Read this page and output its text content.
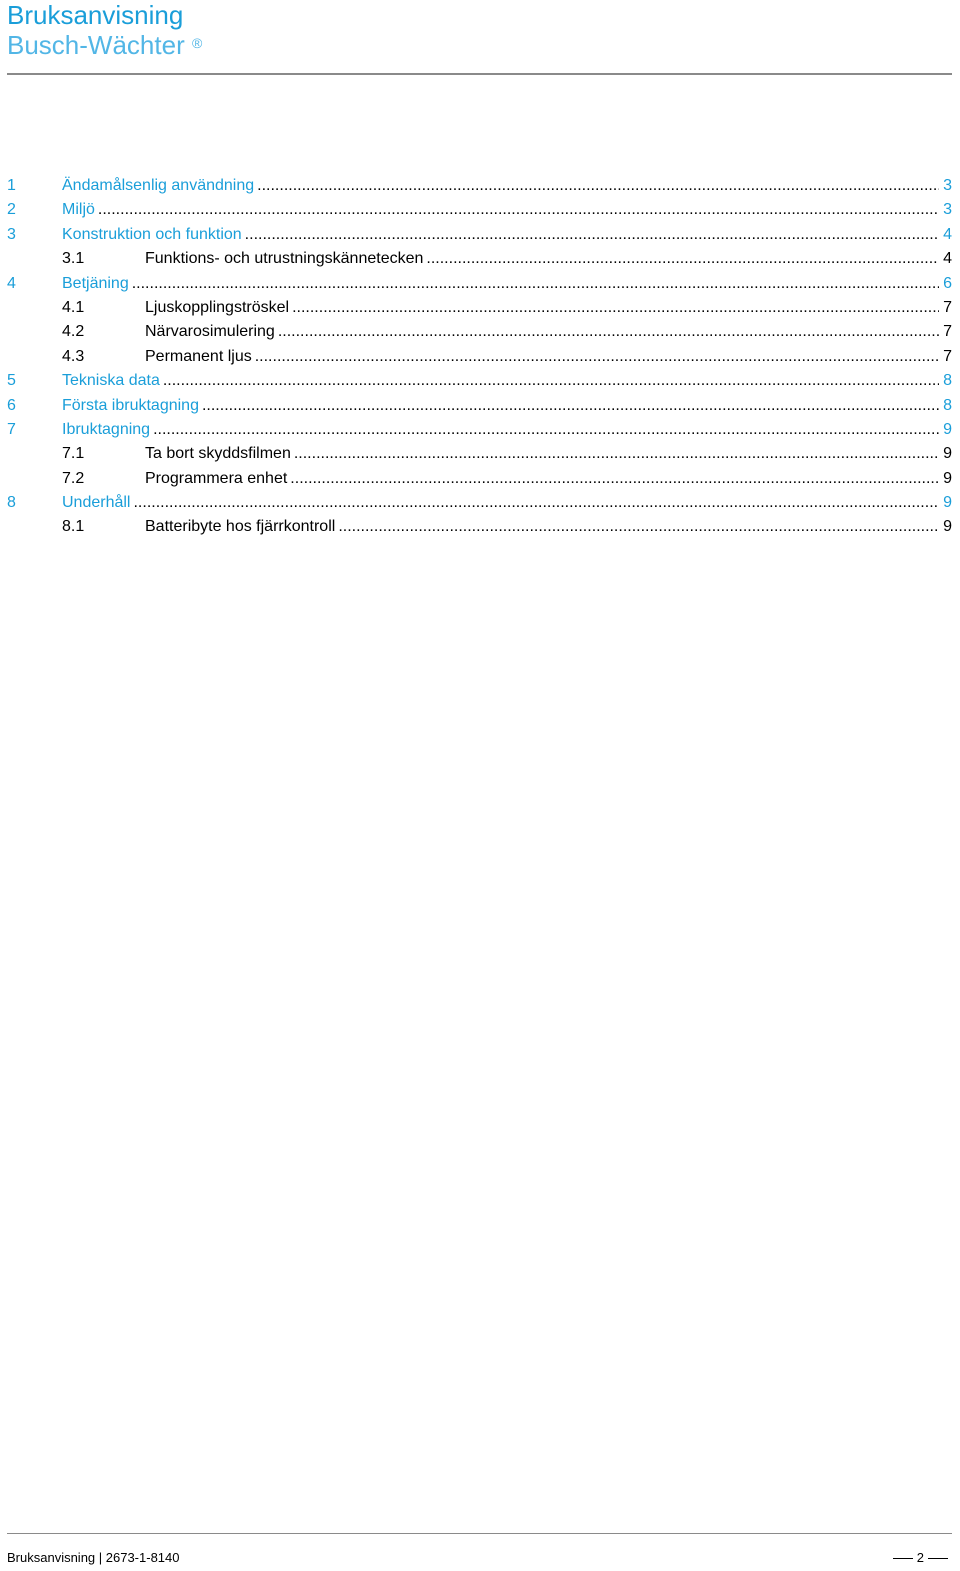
Bruksanvisning
Busch-Wächter ®
1	Ändamålsenlig användning .....	3
2	Miljö .....	3
3	Konstruktion och funktion .....	4
3.1	Funktions- och utrustningskännetecken .....	4
4	Betjäning .....	6
4.1	Ljuskopplingströskel .....	7
4.2	Närvarosimulering .....	7
4.3	Permanent ljus .....	7
5	Tekniska data .....	8
6	Första ibruktagning .....	8
7	Ibruktagning .....	9
7.1	Ta bort skyddsfilmen .....	9
7.2	Programmera enhet .....	9
8	Underhåll .....	9
8.1	Batteribyte hos fjärrkontroll .....	9
Bruksanvisning | 2673-1-8140	2
